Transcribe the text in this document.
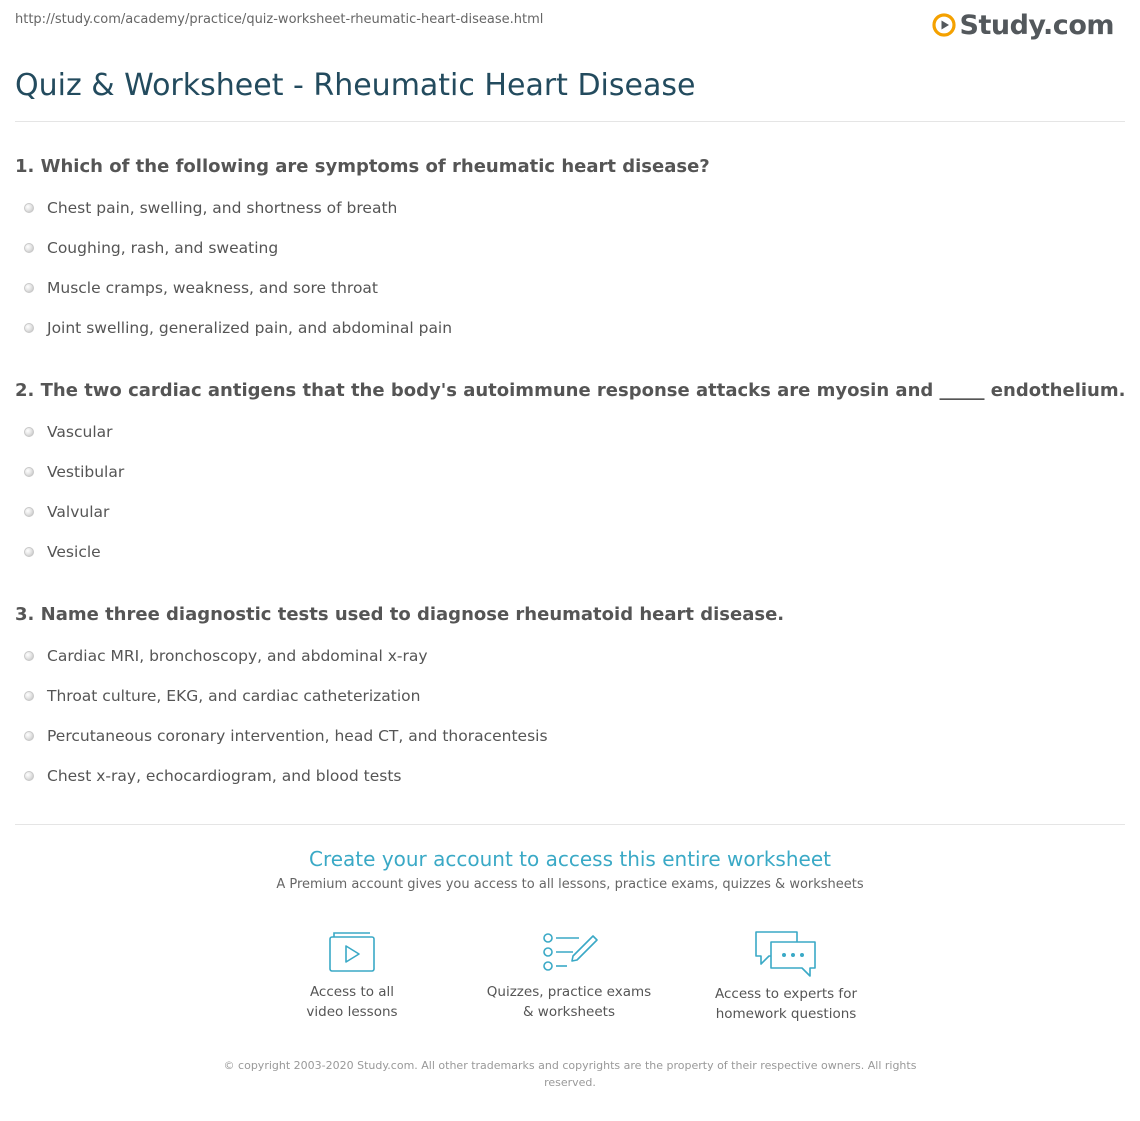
http://study.com/academy/practice/quiz-worksheet-rheumatic-heart-disease.html	Study.com
Quiz & Worksheet - Rheumatic Heart Disease
1. Which of the following are symptoms of rheumatic heart disease?
Chest pain, swelling, and shortness of breath
Coughing, rash, and sweating
Muscle cramps, weakness, and sore throat
Joint swelling, generalized pain, and abdominal pain
2. The two cardiac antigens that the body's autoimmune response attacks are myosin and _____ endothelium.
Vascular
Vestibular
Valvular
Vesicle
3. Name three diagnostic tests used to diagnose rheumatoid heart disease.
Cardiac MRI, bronchoscopy, and abdominal x-ray
Throat culture, EKG, and cardiac catheterization
Percutaneous coronary intervention, head CT, and thoracentesis
Chest x-ray, echocardiogram, and blood tests
Create your account to access this entire worksheet
A Premium account gives you access to all lessons, practice exams, quizzes & worksheets
Access to all
video lessons
Quizzes, practice exams
& worksheets
Access to experts for
homework questions
© copyright 2003-2020 Study.com. All other trademarks and copyrights are the property of their respective owners. All rights reserved.
